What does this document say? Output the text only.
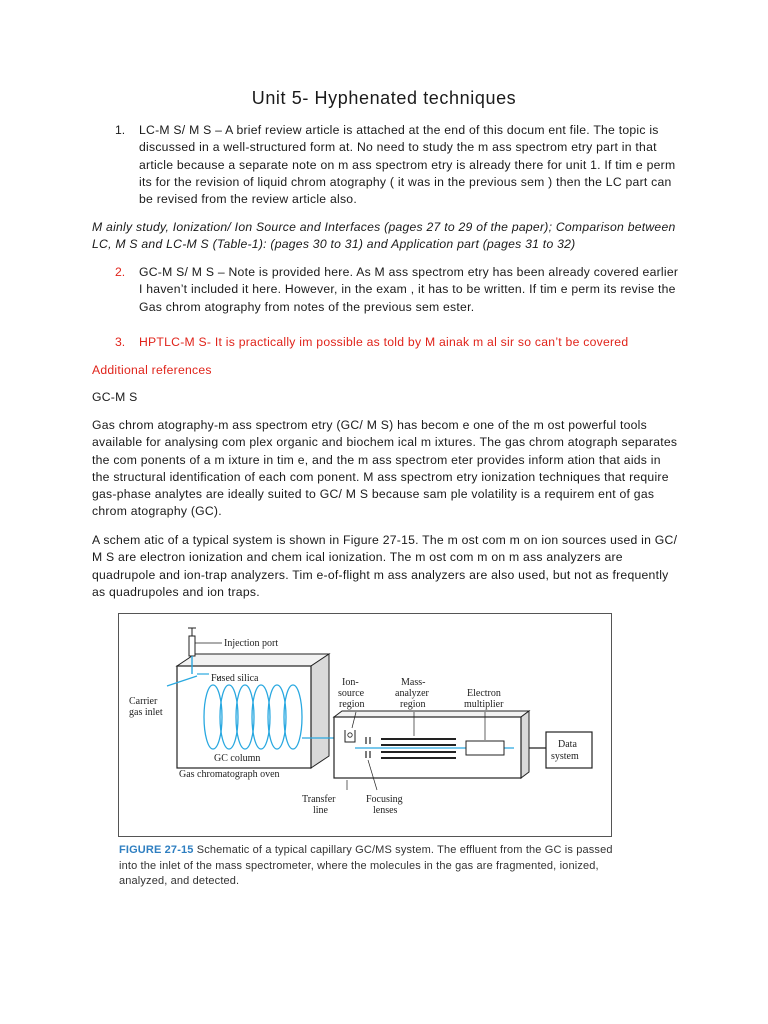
Unit 5- Hyphenated techniques
1. LC-M S/ M S – A brief review article is attached at the end of this docum ent file. The topic is discussed in a well-structured form at. No need to study the m ass spectrom etry part in that article because a separate note on m ass spectrom etry is already there for unit 1. If tim e perm its for the revision of liquid chrom atography ( it was in the previous sem ) then the LC part can be revised from the review article also.
M ainly study, Ionization/ Ion Source and Interfaces (pages 27 to 29 of the paper); Comparison between LC, M S and LC-M S (Table-1): (pages 30 to 31) and Application part (pages 31 to 32)
2. GC-M S/ M S – Note is provided here. As M ass spectrom etry has been already covered earlier I haven’t included it here. However, in the exam , it has to be written. If tim e perm its revise the Gas chrom atography from notes of the previous sem ester.
3. HPTLC-M S- It is practically im possible as told by M ainak m al sir so can’t be covered
Additional references
GC-M S
Gas chrom atography-m ass spectrom etry (GC/ M S) has becom e one of the m ost powerful tools available for analysing com plex organic and biochem ical m ixtures. The gas chrom atograph separates the com ponents of a m ixture in tim e, and the m ass spectrom eter provides inform ation that aids in the structural identification of each com ponent. M ass spectrom etry ionization techniques that require gas-phase analytes are ideally suited to GC/ M S because sam ple volatility is a requirem ent of gas chrom atography (GC).
A schem atic of a typical system is shown in Figure 27-15. The m ost com m on ion sources used in GC/ M S are electron ionization and chem ical ionization. The m ost com m on m ass analyzers are quadrupole and ion-trap analyzers. Tim e-of-flight m ass analyzers are also used, but not as frequently as quadrupoles and ion traps.
Injection port
Fused silica
Carrier
gas inlet
GC column
Gas chromatograph oven
Ion-
source
region
Mass-
analyzer
region
Electron
multiplier
Data
system
Transfer
line
Focusing
lenses
FIGURE 27-15 Schematic of a typical capillary GC/MS system. The effluent from the GC is passed into the inlet of the mass spectrometer, where the molecules in the gas are fragmented, ionized, analyzed, and detected.
